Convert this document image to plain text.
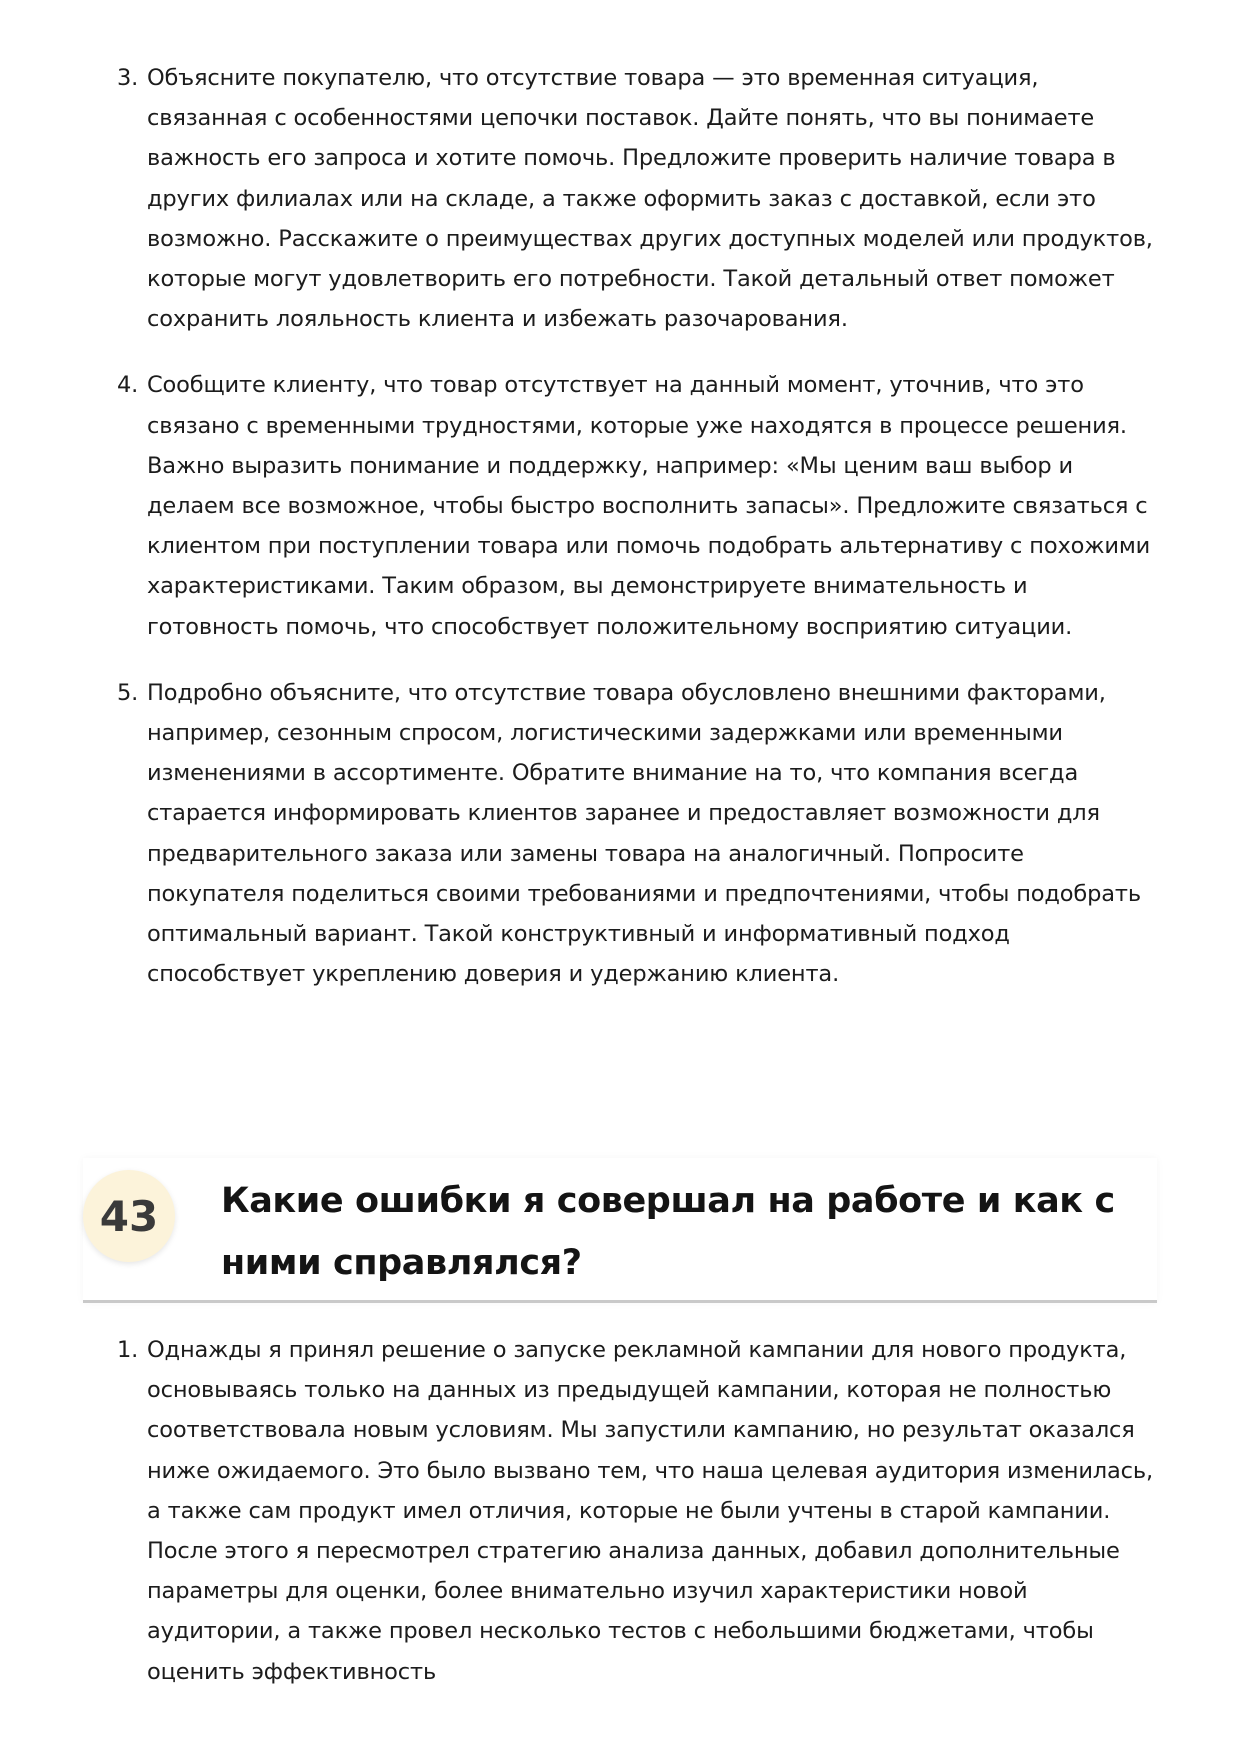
3. Объясните покупателю, что отсутствие товара — это временная ситуация, связанная с особенностями цепочки поставок. Дайте понять, что вы понимаете важность его запроса и хотите помочь. Предложите проверить наличие товара в других филиалах или на складе, а также оформить заказ с доставкой, если это возможно. Расскажите о преимуществах других доступных моделей или продуктов, которые могут удовлетворить его потребности. Такой детальный ответ поможет сохранить лояльность клиента и избежать разочарования.
4. Сообщите клиенту, что товар отсутствует на данный момент, уточнив, что это связано с временными трудностями, которые уже находятся в процессе решения. Важно выразить понимание и поддержку, например: «Мы ценим ваш выбор и делаем все возможное, чтобы быстро восполнить запасы». Предложите связаться с клиентом при поступлении товара или помочь подобрать альтернативу с похожими характеристиками. Таким образом, вы демонстрируете внимательность и готовность помочь, что способствует положительному восприятию ситуации.
5. Подробно объясните, что отсутствие товара обусловлено внешними факторами, например, сезонным спросом, логистическими задержками или временными изменениями в ассортименте. Обратите внимание на то, что компания всегда старается информировать клиентов заранее и предоставляет возможности для предварительного заказа или замены товара на аналогичный. Попросите покупателя поделиться своими требованиями и предпочтениями, чтобы подобрать оптимальный вариант. Такой конструктивный и информативный подход способствует укреплению доверия и удержанию клиента.
43	Какие ошибки я совершал на работе и как с ними справлялся?
1. Однажды я принял решение о запуске рекламной кампании для нового продукта, основываясь только на данных из предыдущей кампании, которая не полностью соответствовала новым условиям. Мы запустили кампанию, но результат оказался ниже ожидаемого. Это было вызвано тем, что наша целевая аудитория изменилась, а также сам продукт имел отличия, которые не были учтены в старой кампании. После этого я пересмотрел стратегию анализа данных, добавил дополнительные параметры для оценки, более внимательно изучил характеристики новой аудитории, а также провел несколько тестов с небольшими бюджетами, чтобы оценить эффективность
